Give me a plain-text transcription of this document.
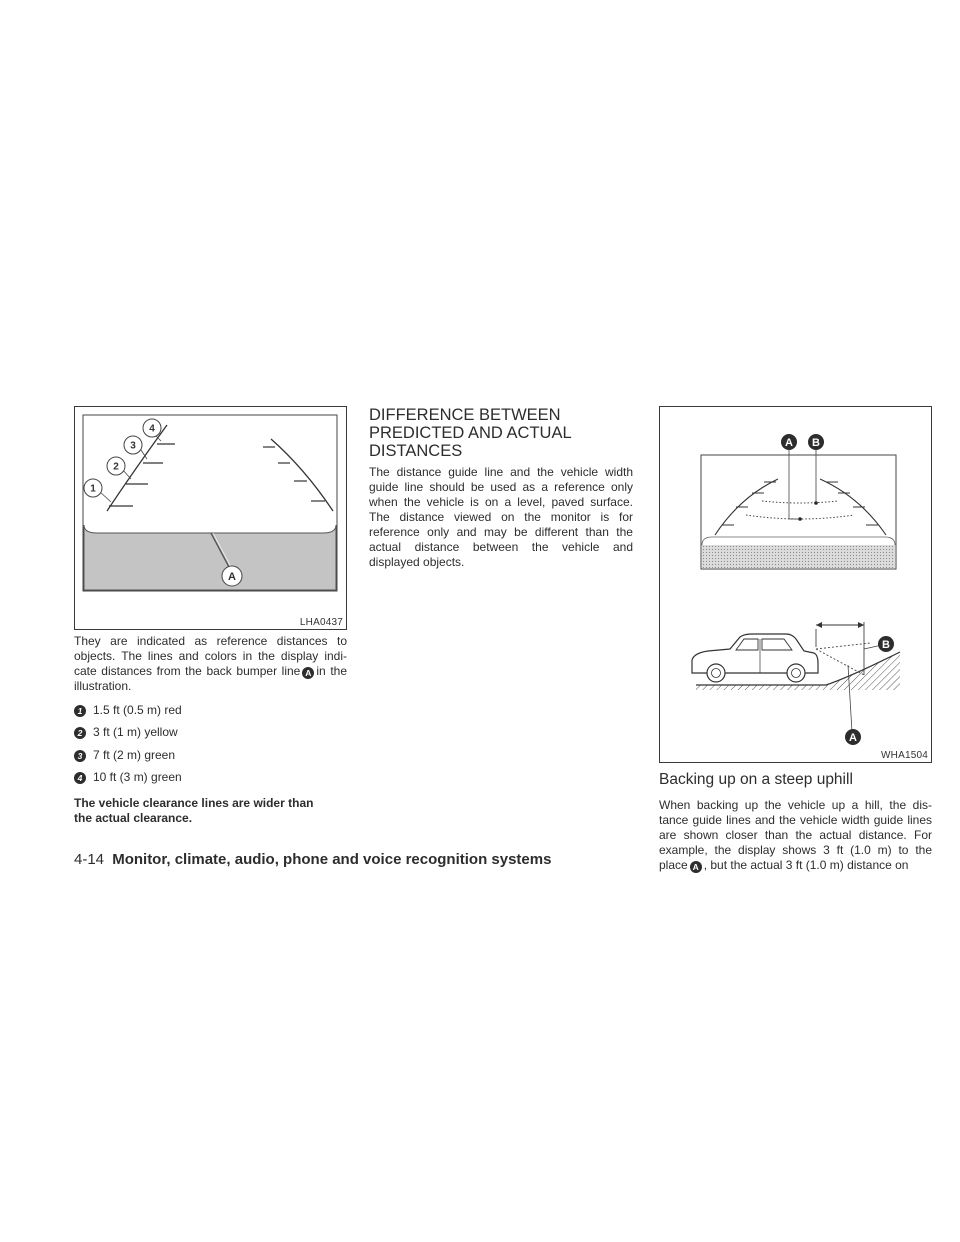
1
2
3
4
A
LHA0437

They are indicated as reference distances to objects. The lines and colors in the display indi- cate distances from the back bumper line A in the illustration.

1 1.5 ft (0.5 m) red
2 3 ft (1 m) yellow
3 7 ft (2 m) green
4 10 ft (3 m) green

The vehicle clearance lines are wider than
the actual clearance.

DIFFERENCE BETWEEN
PREDICTED AND ACTUAL
DISTANCES

The distance guide line and the vehicle width guide line should be used as a reference only when the vehicle is on a level, paved surface. The distance viewed on the monitor is for reference only and may be different than the actual distance between the vehicle and displayed objects.

A B
B
A
WHA1504
Backing up on a steep uphill

When backing up the vehicle up a hill, the dis- tance guide lines and the vehicle width guide lines are shown closer than the actual distance. For example, the display shows 3 ft (1.0 m) to the place A , but the actual 3 ft (1.0 m) distance on

4-14 Monitor, climate, audio, phone and voice recognition systems
